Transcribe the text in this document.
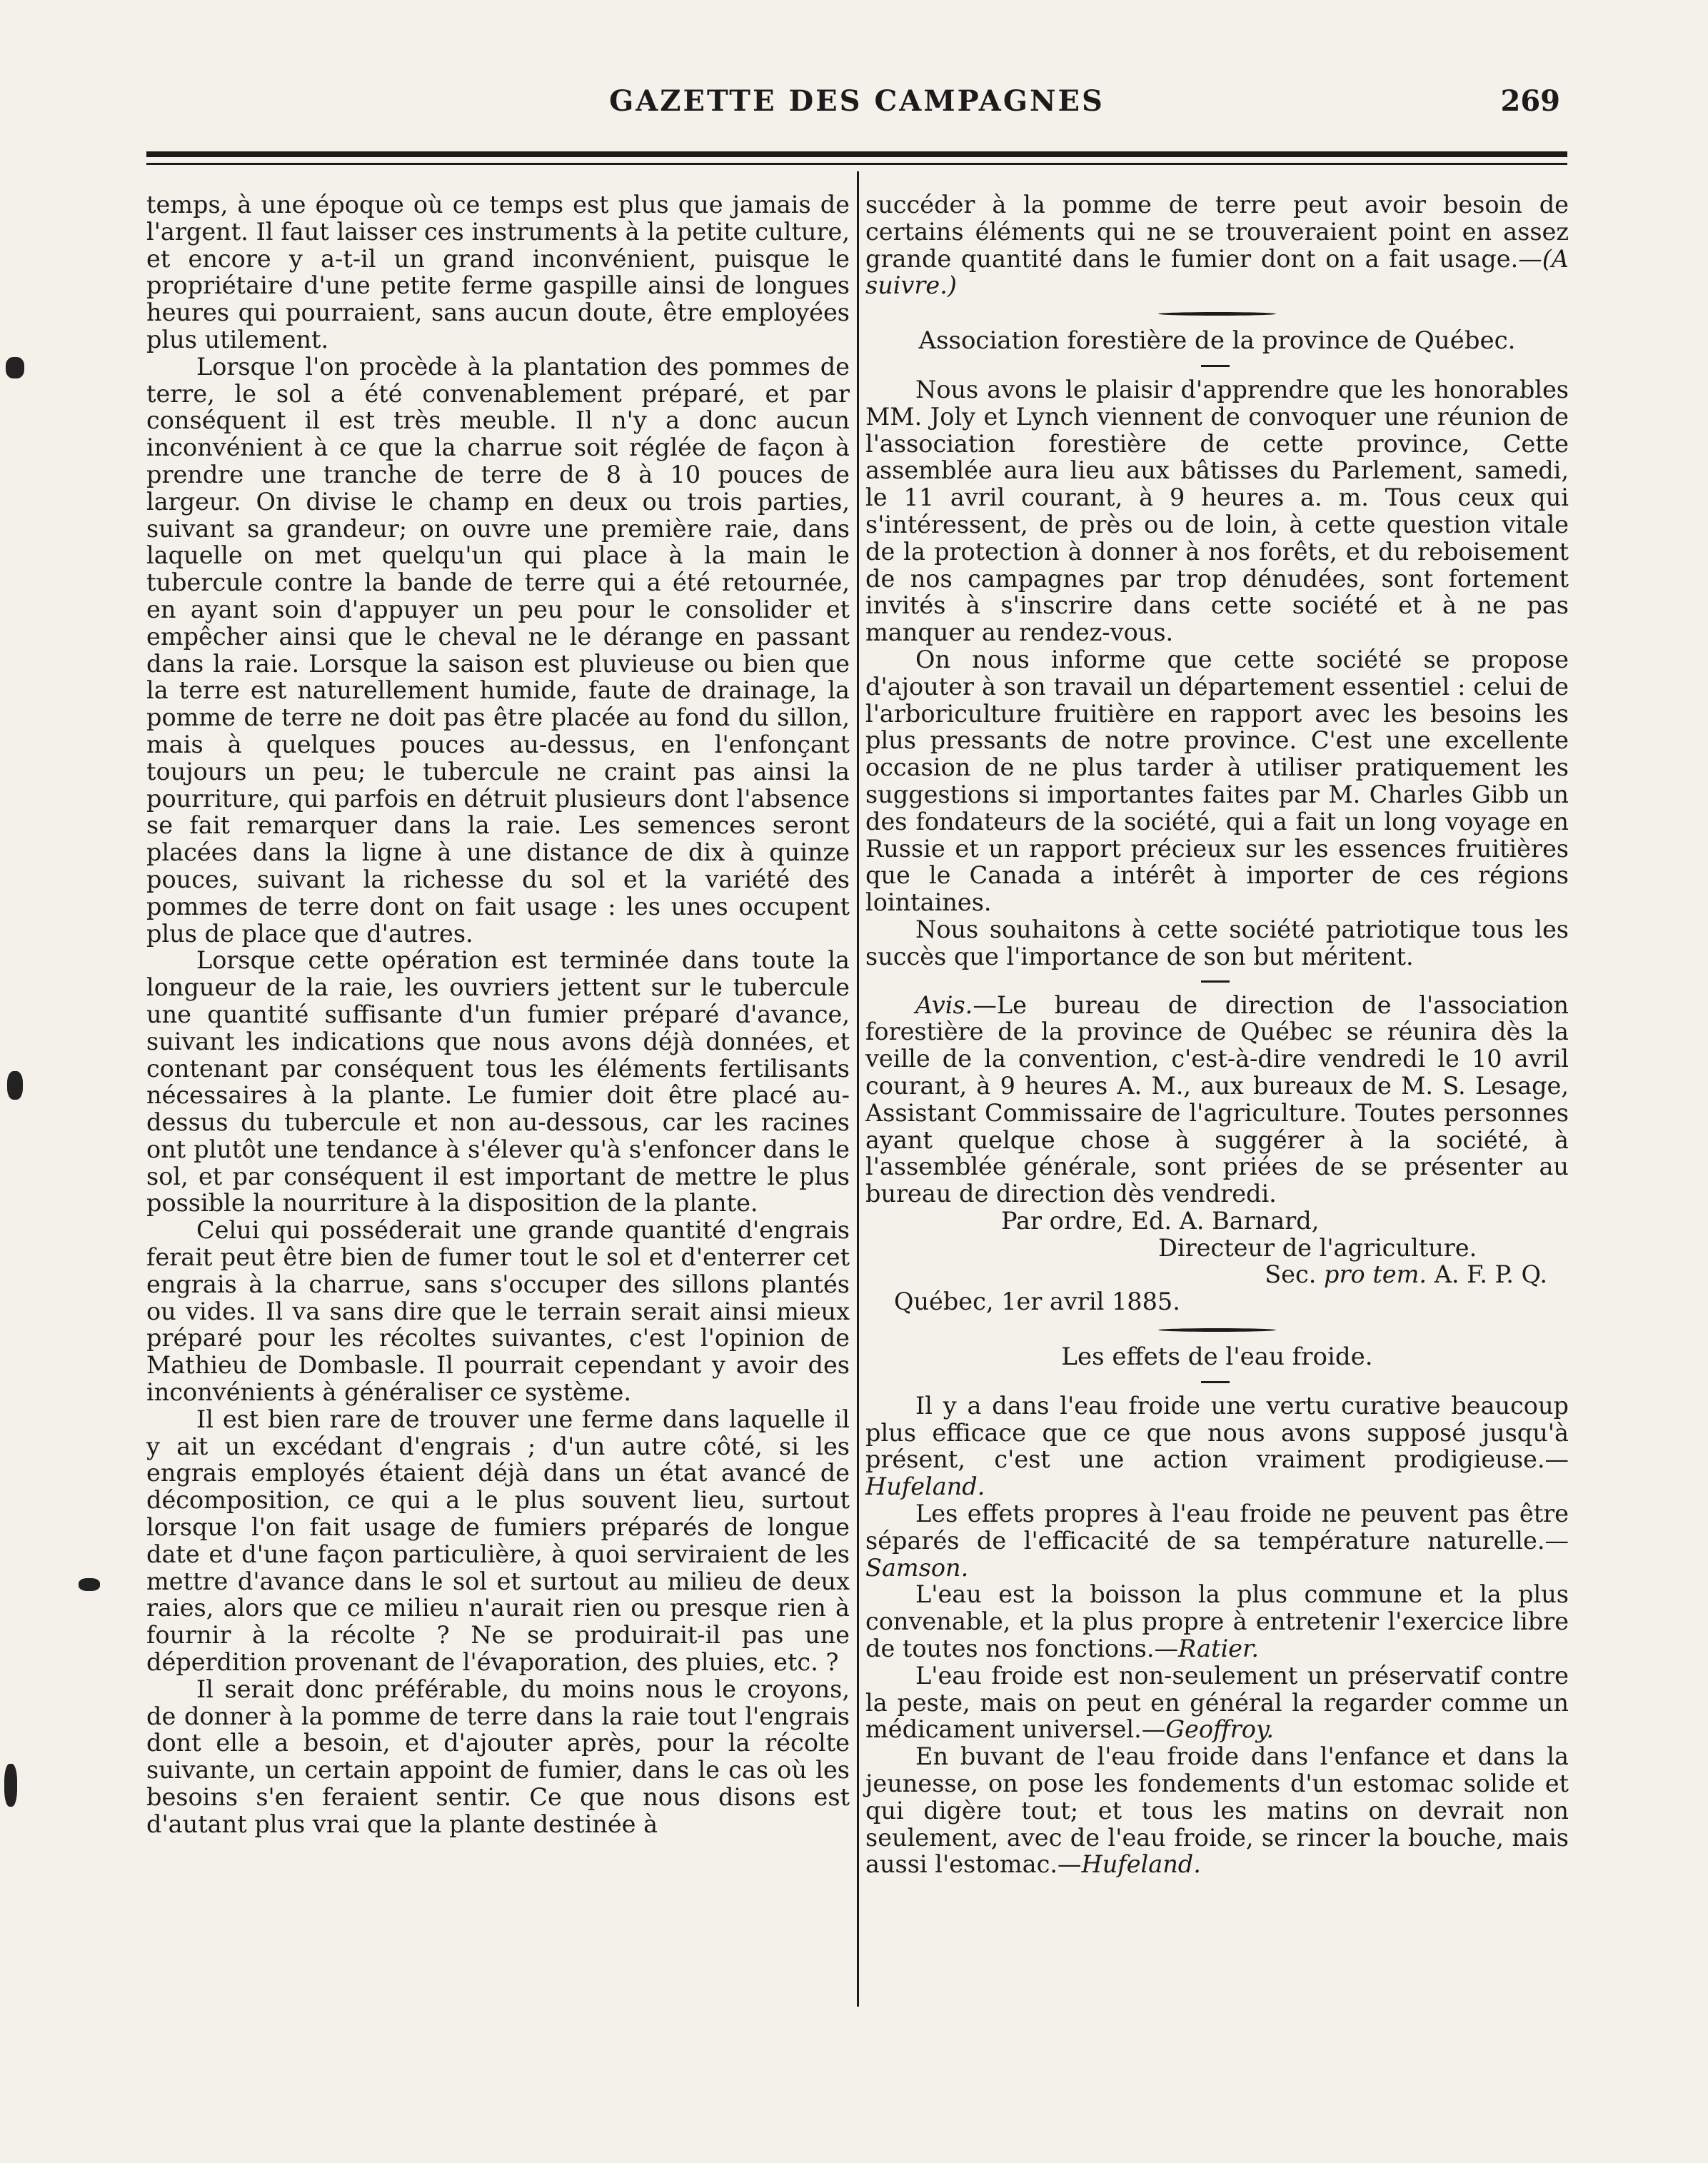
GAZETTE DES CAMPAGNES	269

temps, à une époque où ce temps est plus que jamais de l'argent. Il faut laisser ces instruments à la petite culture, et encore y a-t-il un grand inconvénient, puisque le propriétaire d'une petite ferme gaspille ainsi de longues heures qui pourraient, sans aucun doute, être employées plus utilement.

Lorsque l'on procède à la plantation des pommes de terre, le sol a été convenablement préparé, et par conséquent il est très meuble. Il n'y a donc aucun inconvénient à ce que la charrue soit réglée de façon à prendre une tranche de terre de 8 à 10 pouces de largeur. On divise le champ en deux ou trois parties, suivant sa grandeur; on ouvre une première raie, dans laquelle on met quelqu'un qui place à la main le tubercule contre la bande de terre qui a été retournée, en ayant soin d'appuyer un peu pour le consolider et empêcher ainsi que le cheval ne le dérange en passant dans la raie. Lorsque la saison est pluvieuse ou bien que la terre est naturellement humide, faute de drainage, la pomme de terre ne doit pas être placée au fond du sillon, mais à quelques pouces au-dessus, en l'enfonçant toujours un peu; le tubercule ne craint pas ainsi la pourriture, qui parfois en détruit plusieurs dont l'absence se fait remarquer dans la raie. Les semences seront placées dans la ligne à une distance de dix à quinze pouces, suivant la richesse du sol et la variété des pommes de terre dont on fait usage : les unes occupent plus de place que d'autres.

Lorsque cette opération est terminée dans toute la longueur de la raie, les ouvriers jettent sur le tubercule une quantité suffisante d'un fumier préparé d'avance, suivant les indications que nous avons déjà données, et contenant par conséquent tous les éléments fertilisants nécessaires à la plante. Le fumier doit être placé au-dessus du tubercule et non au-dessous, car les racines ont plutôt une tendance à s'élever qu'à s'enfoncer dans le sol, et par conséquent il est important de mettre le plus possible la nourriture à la disposition de la plante.

Celui qui posséderait une grande quantité d'engrais ferait peut être bien de fumer tout le sol et d'enterrer cet engrais à la charrue, sans s'occuper des sillons plantés ou vides. Il va sans dire que le terrain serait ainsi mieux préparé pour les récoltes suivantes, c'est l'opinion de Mathieu de Dombasle. Il pourrait cependant y avoir des inconvénients à généraliser ce système.

Il est bien rare de trouver une ferme dans laquelle il y ait un excédant d'engrais ; d'un autre côté, si les engrais employés étaient déjà dans un état avancé de décomposition, ce qui a le plus souvent lieu, surtout lorsque l'on fait usage de fumiers préparés de longue date et d'une façon particulière, à quoi serviraient de les mettre d'avance dans le sol et surtout au milieu de deux raies, alors que ce milieu n'aurait rien ou presque rien à fournir à la récolte ? Ne se produirait-il pas une déperdition provenant de l'évaporation, des pluies, etc. ?

Il serait donc préférable, du moins nous le croyons, de donner à la pomme de terre dans la raie tout l'engrais dont elle a besoin, et d'ajouter après, pour la récolte suivante, un certain appoint de fumier, dans le cas où les besoins s'en feraient sentir. Ce que nous disons est d'autant plus vrai que la plante destinée à

succéder à la pomme de terre peut avoir besoin de certains éléments qui ne se trouveraient point en assez grande quantité dans le fumier dont on a fait usage.—(A suivre.)

Association forestière de la province de Québec.

Nous avons le plaisir d'apprendre que les honorables MM. Joly et Lynch viennent de convoquer une réunion de l'association forestière de cette province, Cette assemblée aura lieu aux bâtisses du Parlement, samedi, le 11 avril courant, à 9 heures a. m. Tous ceux qui s'intéressent, de près ou de loin, à cette question vitale de la protection à donner à nos forêts, et du reboisement de nos campagnes par trop dénudées, sont fortement invités à s'inscrire dans cette société et à ne pas manquer au rendez-vous.

On nous informe que cette société se propose d'ajouter à son travail un département essentiel : celui de l'arboriculture fruitière en rapport avec les besoins les plus pressants de notre province. C'est une excellente occasion de ne plus tarder à utiliser pratiquement les suggestions si importantes faites par M. Charles Gibb un des fondateurs de la société, qui a fait un long voyage en Russie et un rapport précieux sur les essences fruitières que le Canada a intérêt à importer de ces régions lointaines.

Nous souhaitons à cette société patriotique tous les succès que l'importance de son but méritent.

Avis.—Le bureau de direction de l'association forestière de la province de Québec se réunira dès la veille de la convention, c'est-à-dire vendredi le 10 avril courant, à 9 heures A. M., aux bureaux de M. S. Lesage, Assistant Commissaire de l'agriculture. Toutes personnes ayant quelque chose à suggérer à la société, à l'assemblée générale, sont priées de se présenter au bureau de direction dès vendredi.

Par ordre, Ed. A. Barnard,

Directeur de l'agriculture.

Sec. pro tem. A. F. P. Q.

Québec, 1er avril 1885.

Les effets de l'eau froide.

Il y a dans l'eau froide une vertu curative beaucoup plus efficace que ce que nous avons supposé jusqu'à présent, c'est une action vraiment prodigieuse.—Hufeland.

Les effets propres à l'eau froide ne peuvent pas être séparés de l'efficacité de sa température naturelle.—Samson.

L'eau est la boisson la plus commune et la plus convenable, et la plus propre à entretenir l'exercice libre de toutes nos fonctions.—Ratier.

L'eau froide est non-seulement un préservatif contre la peste, mais on peut en général la regarder comme un médicament universel.—Geoffroy.

En buvant de l'eau froide dans l'enfance et dans la jeunesse, on pose les fondements d'un estomac solide et qui digère tout; et tous les matins on devrait non seulement, avec de l'eau froide, se rincer la bouche, mais aussi l'estomac.—Hufeland.
